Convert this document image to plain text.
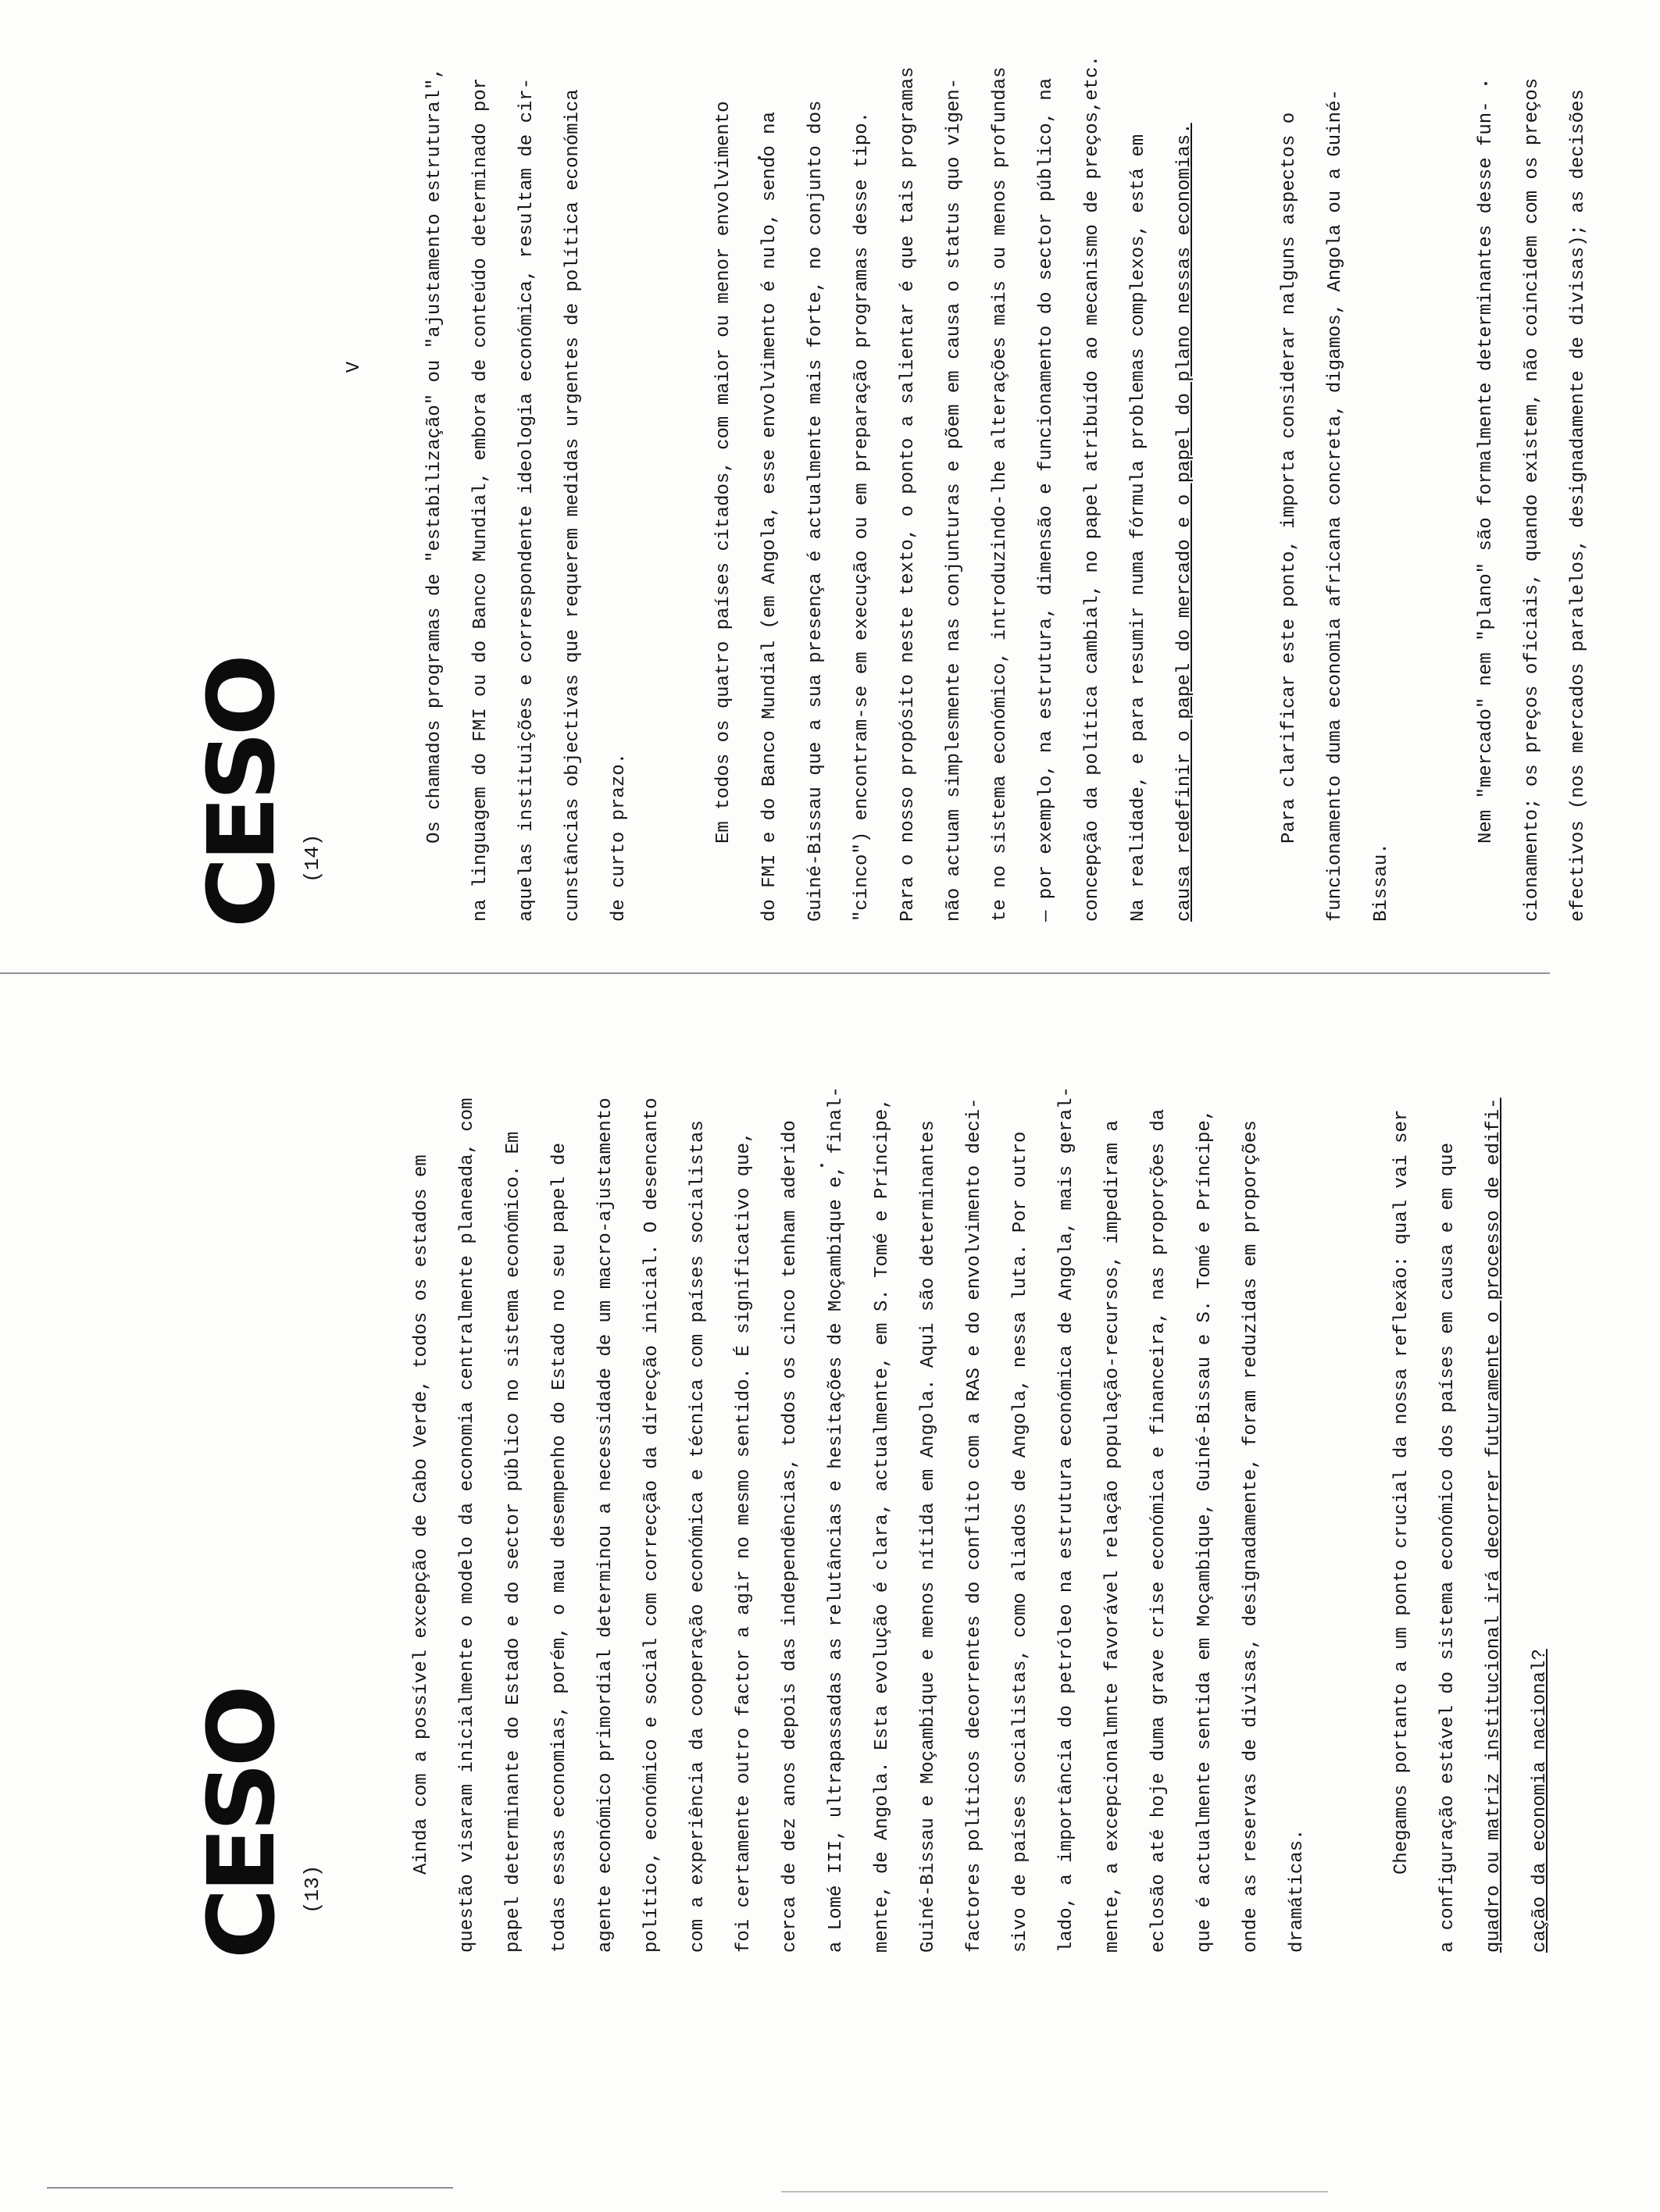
CESO (13)

Ainda com a possível excepção de Cabo Verde, todos os estados em	questão visaram inicialmente o modelo da economia centralmente planeada, com	papel determinante do Estado e do sector público no sistema económico. Em	todas essas economias, porém, o mau desempenho do Estado no seu papel de	agente económico primordial determinou a necessidade de um macro-ajustamento	político, económico e social com correcção da direcção inicial. O desencanto	com a experiência da cooperação económica e técnica com países socialistas	foi certamente outro factor a agir no mesmo sentido. É significativo que,	cerca de dez anos depois das independências, todos os cinco tenham aderido	a Lomé III, ultrapassadas as relutâncias e hesitações de Moçambique e, final-	mente, de Angola. Esta evolução é clara, actualmente, em S. Tomé e Príncipe,	Guiné-Bissau e Moçambique e menos nítida em Angola. Aqui são determinantes	factores políticos decorrentes do conflito com a RAS e do envolvimento deci-	sivo de países socialistas, como aliados de Angola, nessa luta. Por outro	lado, a importância do petróleo na estrutura económica de Angola, mais geral-	mente, a excepcionalmnte favorável relação população-recursos, impediram a	eclosão até hoje duma grave crise económica e financeira, nas proporções da	que é actualmente sentida em Moçambique, Guiné-Bissau e S. Tomé e Príncipe,	onde as reservas de divisas, designadamente, foram reduzidas em proporções	dramáticas.

Chegamos portanto a um ponto crucial da nossa reflexão: qual vai ser	a configuração estável do sistema económico dos países em causa e em que	quadro ou matriz institucional irá decorrer futuramente o processo de edifi-	cação da economia nacional?

CESO (14)
V	Os chamados programas de "estabilização" ou "ajustamento estrutural",	na linguagem do FMI ou do Banco Mundial, embora de conteúdo determinado por	aquelas instituições e correspondente ideologia económica, resultam de cir-	cunstâncias objectivas que requerem medidas urgentes de política económica	de curto prazo.	Em todos os quatro países citados, com maior ou menor envolvimento	do FMI e do Banco Mundial (em Angola, esse envolvimento é nulo, sendo na	Guiné-Bissau que a sua presença é actualmente mais forte, no conjunto dos	"cinco") encontram-se em execução ou em preparação programas desse tipo.	Para o nosso propósito neste texto, o ponto a salientar é que tais programas	não actuam simplesmente nas conjunturas e põem em causa o status quo vigen-	te no sistema económico, introduzindo-lhe alterações mais ou menos profundas	— por exemplo, na estrutura, dimensão e funcionamento do sector público, na	concepção da política cambial, no papel atribuído ao mecanismo de preços,etc.	Na realidade, e para resumir numa fórmula problemas complexos, está em	causa redefinir o papel do mercado e o papel do plano nessas economias.	Para clarificar este ponto, importa considerar nalguns aspectos o	funcionamento duma economia africana concreta, digamos, Angola ou a Guiné-	Bissau.

Nem "mercado" nem "plano" são formalmente determinantes desse fun-	cionamento; os preços oficiais, quando existem, não coincidem com os preços	efectivos (nos mercados paralelos, designadamente de divisas); as decisões
